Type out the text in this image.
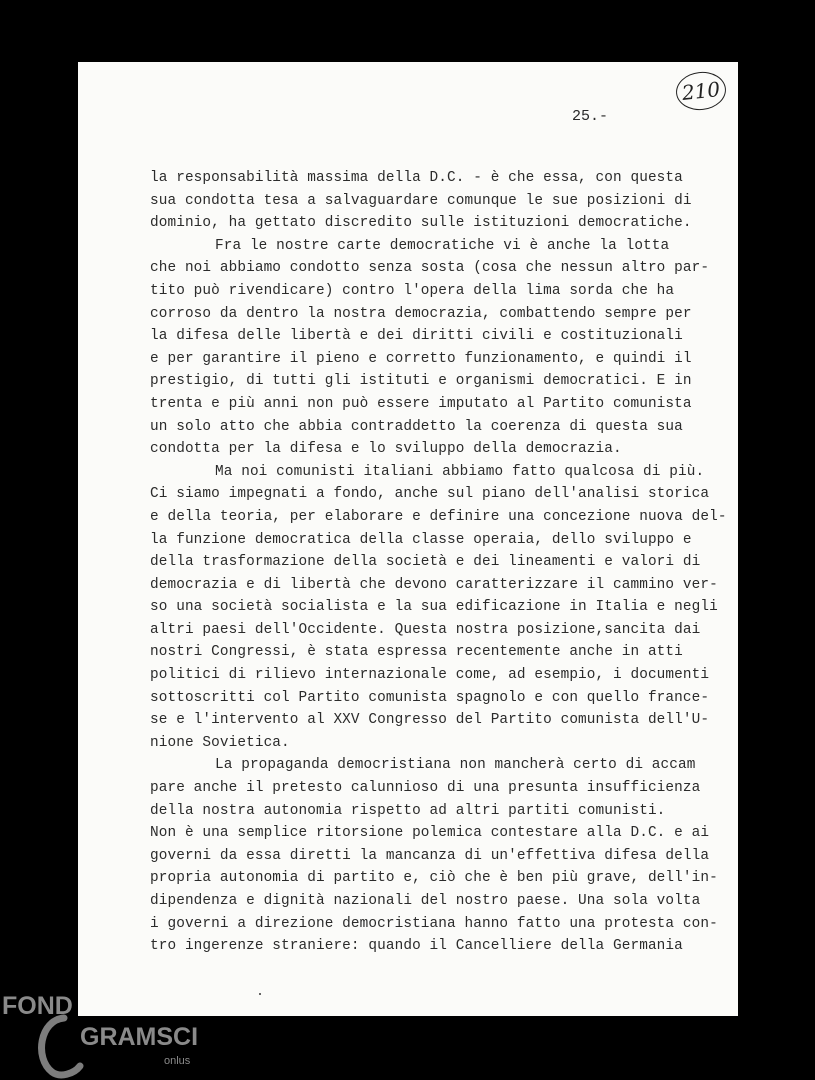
210
25.-
la responsabilità massima della D.C. - è che essa, con questa
sua condotta tesa a salvaguardare comunque le sue posizioni di
dominio, ha gettato discredito sulle istituzioni democratiche.
Fra le nostre carte democratiche vi è anche la lotta
che noi abbiamo condotto senza sosta (cosa che nessun altro par-
tito può rivendicare) contro l'opera della lima sorda che ha
corroso da dentro la nostra democrazia, combattendo sempre per
la difesa delle libertà e dei diritti civili e costituzionali
e per garantire il pieno e corretto funzionamento, e quindi il
prestigio, di tutti gli istituti e organismi democratici. E in
trenta e più anni non può essere imputato al Partito comunista
un solo atto che abbia contraddetto la coerenza di questa sua
condotta per la difesa e lo sviluppo della democrazia.
Ma noi comunisti italiani abbiamo fatto qualcosa di più.
Ci siamo impegnati a fondo, anche sul piano dell'analisi storica
e della teoria, per elaborare e definire una concezione nuova del-
la funzione democratica della classe operaia, dello sviluppo e
della trasformazione della società e dei lineamenti e valori di
democrazia e di libertà che devono caratterizzare il cammino ver-
so una società socialista e la sua edificazione in Italia e negli
altri paesi dell'Occidente. Questa nostra posizione,sancita dai
nostri Congressi, è stata espressa recentemente anche in atti
politici di rilievo internazionale come, ad esempio, i documenti
sottoscritti col Partito comunista spagnolo e con quello france-
se e l'intervento al XXV Congresso del Partito comunista dell'U-
nione Sovietica.
La propaganda democristiana non mancherà certo di accam
pare anche il pretesto calunnioso di una presunta insufficienza
della nostra autonomia rispetto ad altri partiti comunisti.
Non è una semplice ritorsione polemica contestare alla D.C. e ai
governi da essa diretti la mancanza di un'effettiva difesa della
propria autonomia di partito e, ciò che è ben più grave, dell'in-
dipendenza e dignità nazionali del nostro paese. Una sola volta
i governi a direzione democristiana hanno fatto una protesta con-
tro ingerenze straniere: quando il Cancelliere della Germania
FOND
GRAMSCI
onlus
